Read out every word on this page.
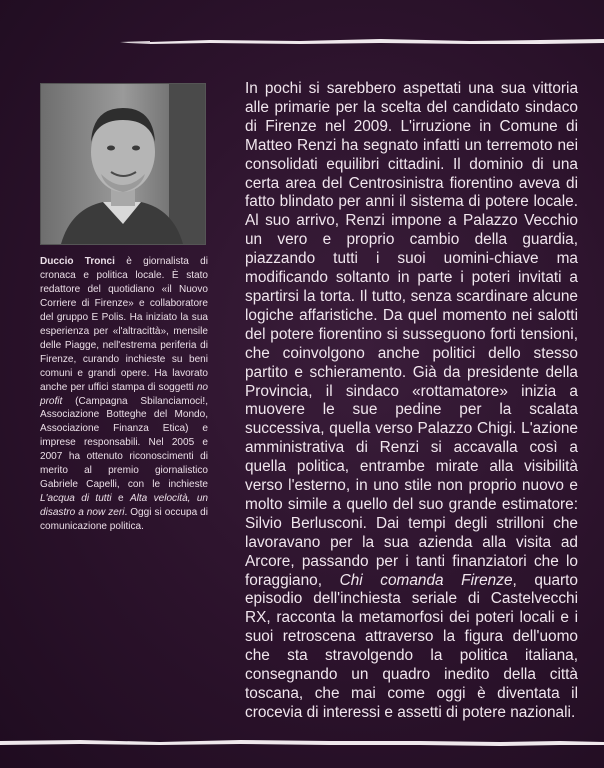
Duccio Tronci è giornalista di cronaca e politica locale. È stato redattore del quotidiano «il Nuovo Corriere di Firenze» e collaboratore del gruppo E Polis. Ha iniziato la sua esperienza per «l'altracittà», mensile delle Piagge, nell'estrema periferia di Firenze, curando inchieste su beni comuni e grandi opere. Ha lavorato anche per uffici stampa di soggetti no profit (Campagna Sbilanciamoci!, Associazione Botteghe del Mondo, Associazione Finanza Etica) e imprese responsabili. Nel 2005 e 2007 ha ottenuto riconoscimenti di merito al premio giornalistico Gabriele Capelli, con le inchieste L'acqua di tutti e Alta velocità, un disastro a now zeri. Oggi si occupa di comunicazione politica.

In pochi si sarebbero aspettati una sua vittoria alle primarie per la scelta del candidato sindaco di Firenze nel 2009. L'irruzione in Comune di Matteo Renzi ha segnato infatti un terremoto nei consolidati equilibri cittadini. Il dominio di una certa area del Centrosinistra fiorentino aveva di fatto blindato per anni il sistema di potere locale. Al suo arrivo, Renzi impone a Palazzo Vecchio un vero e proprio cambio della guardia, piazzando tutti i suoi uomini-chiave ma modificando soltanto in parte i poteri invitati a spartirsi la torta. Il tutto, senza scardinare alcune logiche affaristiche. Da quel momento nei salotti del potere fiorentino si susseguono forti tensioni, che coinvolgono anche politici dello stesso partito e schieramento. Già da presidente della Provincia, il sindaco «rottamatore» inizia a muovere le sue pedine per la scalata successiva, quella verso Palazzo Chigi. L'azione amministrativa di Renzi si accavalla così a quella politica, entrambe mirate alla visibilità verso l'esterno, in uno stile non proprio nuovo e molto simile a quello del suo grande estimatore: Silvio Berlusconi. Dai tempi degli strilloni che lavoravano per la sua azienda alla visita ad Arcore, passando per i tanti finanziatori che lo foraggiano, Chi comanda Firenze, quarto episodio dell'inchiesta seriale di Castelvecchi RX, racconta la metamorfosi dei poteri locali e i suoi retroscena attraverso la figura dell'uomo che sta stravolgendo la politica italiana, consegnando un quadro inedito della città toscana, che mai come oggi è diventata il crocevia di interessi e assetti di potere nazionali.
